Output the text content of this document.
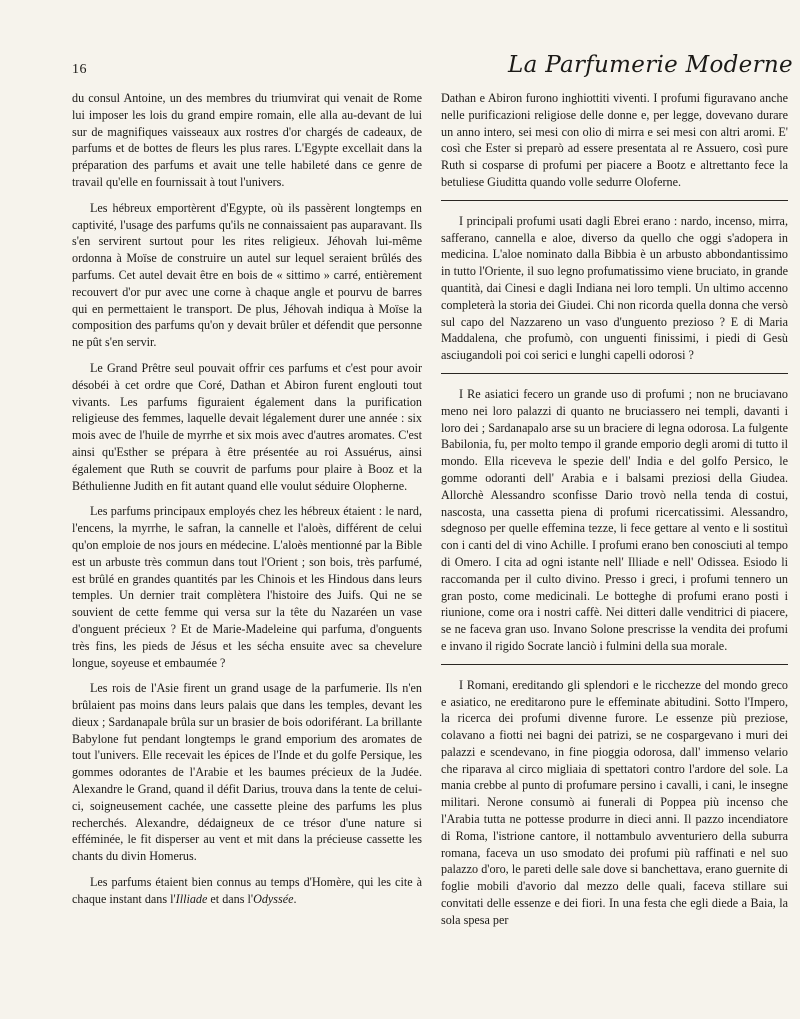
16	La Parfumerie Moderne

du consul Antoine, un des membres du triumvirat qui venait de Rome lui imposer les lois du grand empire romain, elle alla au-devant de lui sur de magnifiques vaisseaux aux rostres d'or chargés de cadeaux, de parfums et de bottes de fleurs les plus rares. L'Egypte excellait dans la préparation des parfums et avait une telle habileté dans ce genre de travail qu'elle en fournissait à tout l'univers.

Les hébreux emportèrent d'Egypte, où ils passèrent longtemps en captivité, l'usage des parfums qu'ils ne connaissaient pas auparavant. Ils s'en servirent surtout pour les rites religieux. Jéhovah lui-même ordonna à Moïse de construire un autel sur lequel seraient brûlés des parfums. Cet autel devait être en bois de « sittimo » carré, entièrement recouvert d'or pur avec une corne à chaque angle et pourvu de barres qui en permettaient le transport. De plus, Jéhovah indiqua à Moïse la composition des parfums qu'on y devait brûler et défendit que personne ne pût s'en servir.

Le Grand Prêtre seul pouvait offrir ces parfums et c'est pour avoir désobéi à cet ordre que Coré, Dathan et Abiron furent englouti tout vivants. Les parfums figuraient également dans la purification religieuse des femmes, laquelle devait légalement durer une année : six mois avec de l'huile de myrrhe et six mois avec d'autres aromates. C'est ainsi qu'Esther se prépara à être présentée au roi Assuérus, ainsi également que Ruth se couvrit de parfums pour plaire à Booz et la Béthulienne Judith en fit autant quand elle voulut séduire Olopherne.

Les parfums principaux employés chez les hébreux étaient : le nard, l'encens, la myrrhe, le safran, la cannelle et l'aloès, différent de celui qu'on emploie de nos jours en médecine. L'aloès mentionné par la Bible est un arbuste très commun dans tout l'Orient ; son bois, très parfumé, est brûlé en grandes quantités par les Chinois et les Hindous dans leurs temples. Un dernier trait complètera l'histoire des Juifs. Qui ne se souvient de cette femme qui versa sur la tête du Nazaréen un vase d'onguent précieux ? Et de Marie-Madeleine qui parfuma, d'onguents très fins, les pieds de Jésus et les sécha ensuite avec sa chevelure longue, soyeuse et embaumée ?

Les rois de l'Asie firent un grand usage de la parfumerie. Ils n'en brûlaient pas moins dans leurs palais que dans les temples, devant les dieux ; Sardanapale brûla sur un brasier de bois odoriférant. La brillante Babylone fut pendant longtemps le grand emporium des aromates de tout l'univers. Elle recevait les épices de l'Inde et du golfe Persique, les gommes odorantes de l'Arabie et les baumes précieux de la Judée. Alexandre le Grand, quand il défit Darius, trouva dans la tente de celui-ci, soigneusement cachée, une cassette pleine des parfums les plus recherchés. Alexandre, dédaigneux de ce trésor d'une nature si efféminée, le fit disperser au vent et mit dans la précieuse cassette les chants du divin Homerus.

Les parfums étaient bien connus au temps d'Homère, qui les cite à chaque instant dans l'Illiade et dans l'Odyssée.

Dathan e Abiron furono inghiottiti viventi. I profumi figuravano anche nelle purificazioni religiose delle donne e, per legge, dovevano durare un anno intero, sei mesi con olio di mirra e sei mesi con altri aromi. E' così che Ester si preparò ad essere presentata al re Assuero, così pure Ruth si cosparse di profumi per piacere a Bootz e altrettanto fece la betuliese Giuditta quando volle sedurre Oloferne.

I principali profumi usati dagli Ebrei erano : nardo, incenso, mirra, safferano, cannella e aloe, diverso da quello che oggi s'adopera in medicina. L'aloe nominato dalla Bibbia è un arbusto abbondantissimo in tutto l'Oriente, il suo legno profumatissimo viene bruciato, in grande quantità, dai Cinesi e dagli Indiana nei loro templi. Un ultimo accenno completerà la storia dei Giudei. Chi non ricorda quella donna che versò sul capo del Nazzareno un vaso d'unguento prezioso ? E di Maria Maddalena, che profumò, con unguenti finissimi, i piedi di Gesù asciugandoli poi coi serici e lunghi capelli odorosi ?

I Re asiatici fecero un grande uso di profumi ; non ne bruciavano meno nei loro palazzi di quanto ne bruciassero nei templi, davanti i loro dei ; Sardanapalo arse su un braciere di legna odorosa. La fulgente Babilonia, fu, per molto tempo il grande emporio degli aromi di tutto il mondo. Ella riceveva le spezie dell' India e del golfo Persico, le gomme odoranti dell' Arabia e i balsami preziosi della Giudea. Allorchè Alessandro sconfisse Dario trovò nella tenda di costui, nascosta, una cassetta piena di profumi ricercatissimi. Alessandro, sdegnoso per quelle effemina tezze, li fece gettare al vento e li sostituì con i canti del di vino Achille. I profumi erano ben conosciuti al tempo di Omero. I cita ad ogni istante nell' Illiade e nell' Odissea. Esiodo li raccomanda per il culto divino. Presso i greci, i profumi tennero un gran posto, come medicinali. Le botteghe di profumi erano posti i riunione, come ora i nostri caffè. Nei ditteri dalle venditrici di piacere, se ne faceva gran uso. Invano Solone prescrisse la vendita dei profumi e invano il rigido Socrate lanciò i fulmini della sua morale.

I Romani, ereditando gli splendori e le ricchezze del mondo greco e asiatico, ne ereditarono pure le effeminate abitudini. Sotto l'Impero, la ricerca dei profumi divenne furore. Le essenze più preziose, colavano a fiotti nei bagni dei patrizi, se ne cospargevano i muri dei palazzi e scendevano, in fine pioggia odorosa, dall' immenso velario che riparava al circo migliaia di spettatori contro l'ardore del sole. La mania crebbe al punto di profumare persino i cavalli, i cani, le insegne militari. Nerone consumò ai funerali di Poppea più incenso che l'Arabia tutta ne pottesse produrre in dieci anni. Il pazzo incendiatore di Roma, l'istrione cantore, il nottambulo avventuriero della suburra romana, faceva un uso smodato dei profumi più raffinati e nel suo palazzo d'oro, le pareti delle sale dove si banchettava, erano guernite di foglie mobili d'avorio dal mezzo delle quali, faceva stillare sui convitati delle essenze e dei fiori. In una festa che egli diede a Baia, la sola spesa per
